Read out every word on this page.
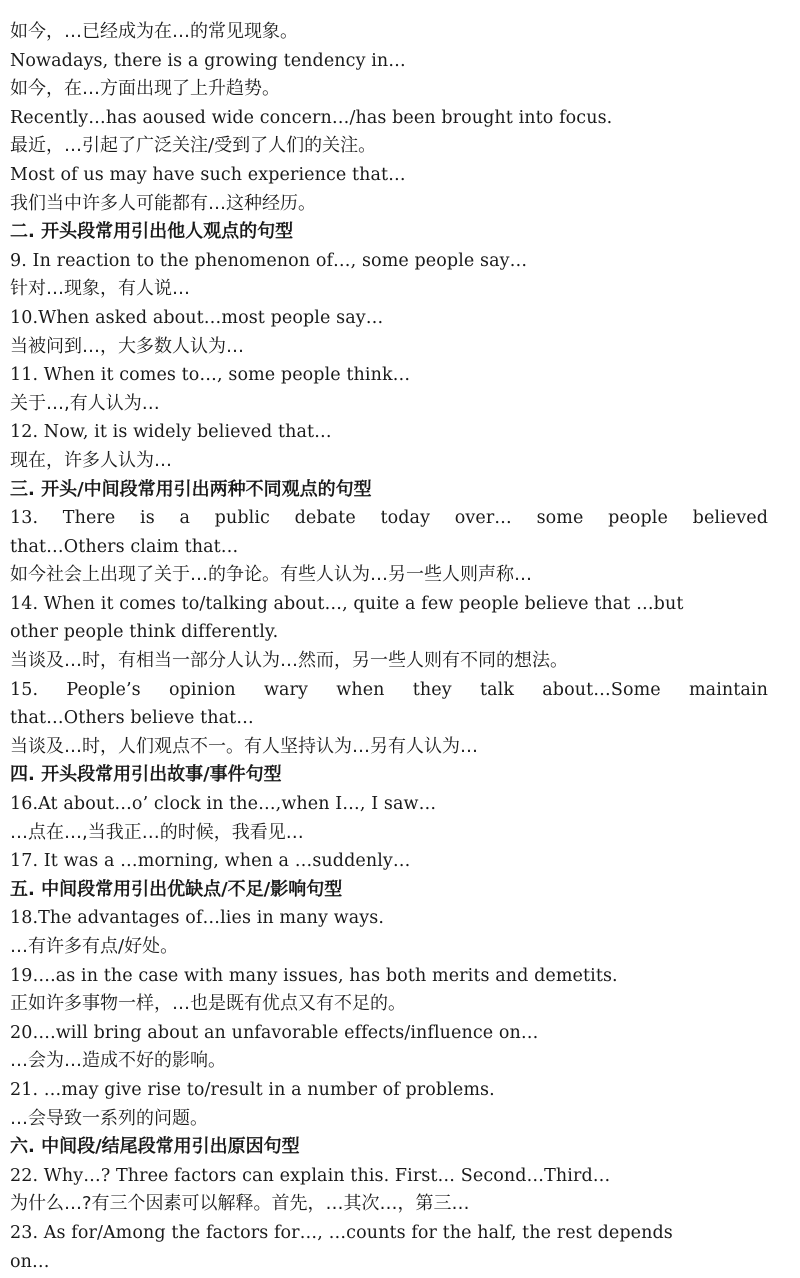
如今，…已经成为在…的常见现象。
Nowadays, there is a growing tendency in…
如今，在…方面出现了上升趋势。
Recently…has aoused wide concern…/has been brought into focus.
最近，…引起了广泛关注/受到了人们的关注。
Most of us may have such experience that…
我们当中许多人可能都有…这种经历。
二. 开头段常用引出他人观点的句型
9. In reaction to the phenomenon of…, some people say…
针对…现象，有人说…
10.When asked about…most people say…
当被问到…，大多数人认为…
11. When it comes to…, some people think…
关于…,有人认为…
12. Now, it is widely believed that…
现在，许多人认为…
三. 开头/中间段常用引出两种不同观点的句型
13. There is a public debate today over… some people believed
that…Others claim that…
如今社会上出现了关于…的争论。有些人认为…另一些人则声称…
14. When it comes to/talking about…, quite a few people believe that …but
other people think differently.
当谈及…时，有相当一部分人认为…然而，另一些人则有不同的想法。
15. People’s opinion wary when they talk about…Some maintain
that…Others believe that…
当谈及…时，人们观点不一。有人坚持认为…另有人认为…
四. 开头段常用引出故事/事件句型
16.At about…o’ clock in the…,when I…, I saw…
…点在…,当我正…的时候，我看见…
17. It was a …morning, when a …suddenly…
五. 中间段常用引出优缺点/不足/影响句型
18.The advantages of…lies in many ways.
…有许多有点/好处。
19….as in the case with many issues, has both merits and demetits.
正如许多事物一样，…也是既有优点又有不足的。
20….will bring about an unfavorable effects/influence on…
…会为…造成不好的影响。
21. …may give rise to/result in a number of problems.
…会导致一系列的问题。
六. 中间段/结尾段常用引出原因句型
22. Why…? Three factors can explain this. First… Second…Third…
为什么…?有三个因素可以解释。首先，…其次…，第三…
23. As for/Among the factors for…, …counts for the half, the rest depends
on…
